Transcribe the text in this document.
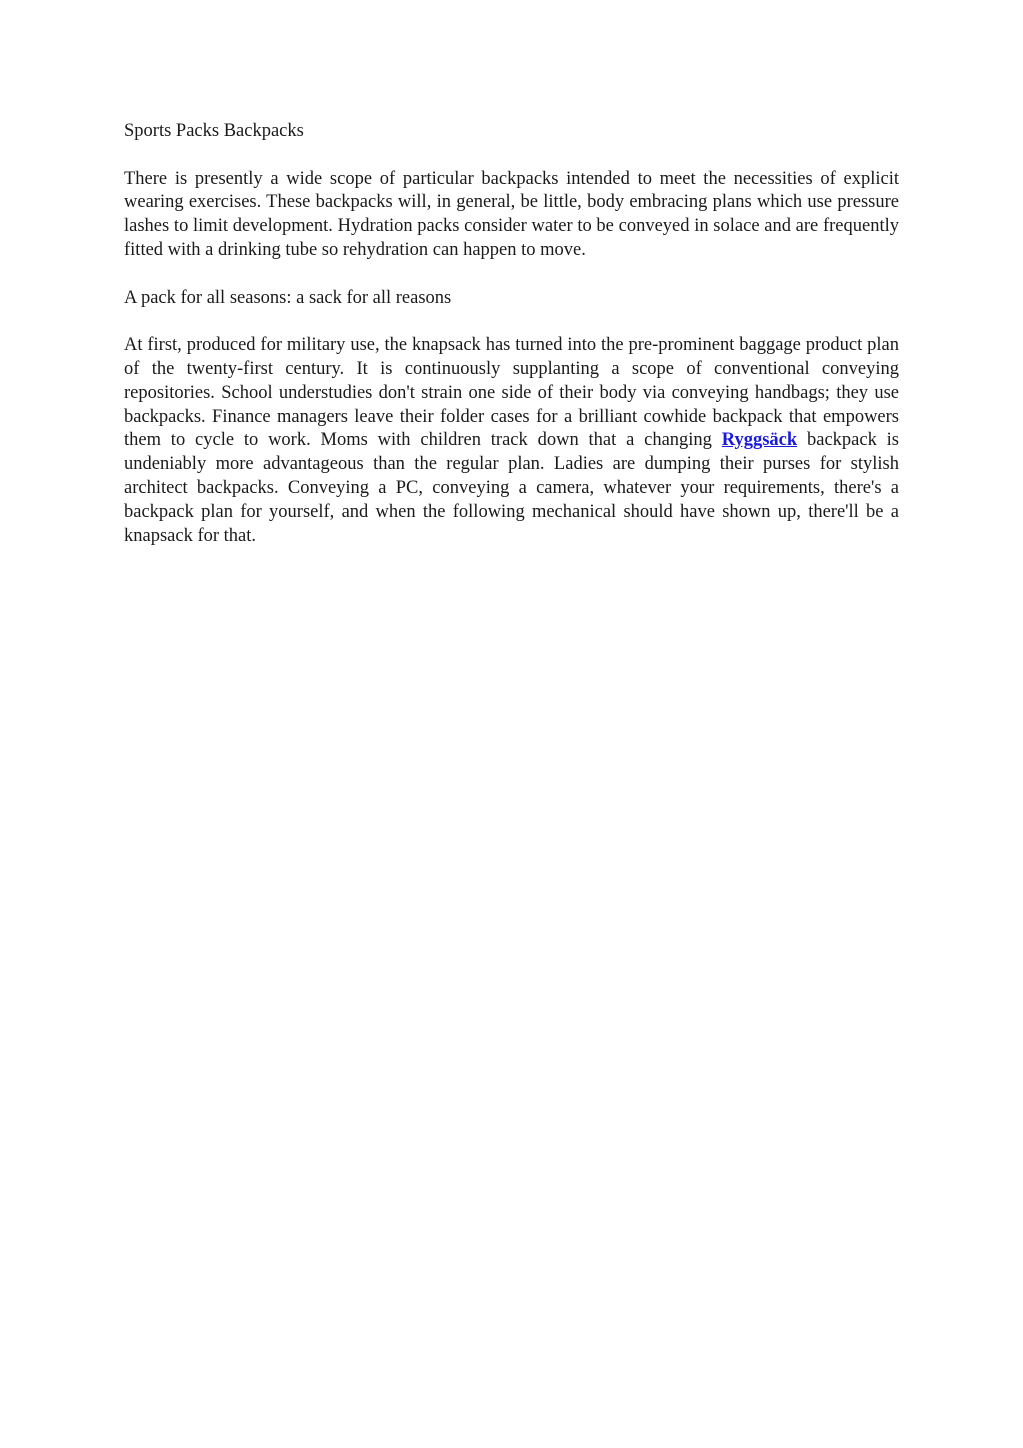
Sports Packs Backpacks

There is presently a wide scope of particular backpacks intended to meet the necessities of explicit wearing exercises. These backpacks will, in general, be little, body embracing plans which use pressure lashes to limit development. Hydration packs consider water to be conveyed in solace and are frequently fitted with a drinking tube so rehydration can happen to move.

A pack for all seasons: a sack for all reasons

At first, produced for military use, the knapsack has turned into the pre-prominent baggage product plan of the twenty-first century. It is continuously supplanting a scope of conventional conveying repositories. School understudies don't strain one side of their body via conveying handbags; they use backpacks. Finance managers leave their folder cases for a brilliant cowhide backpack that empowers them to cycle to work. Moms with children track down that a changing Ryggsäck backpack is undeniably more advantageous than the regular plan. Ladies are dumping their purses for stylish architect backpacks. Conveying a PC, conveying a camera, whatever your requirements, there's a backpack plan for yourself, and when the following mechanical should have shown up, there'll be a knapsack for that.
